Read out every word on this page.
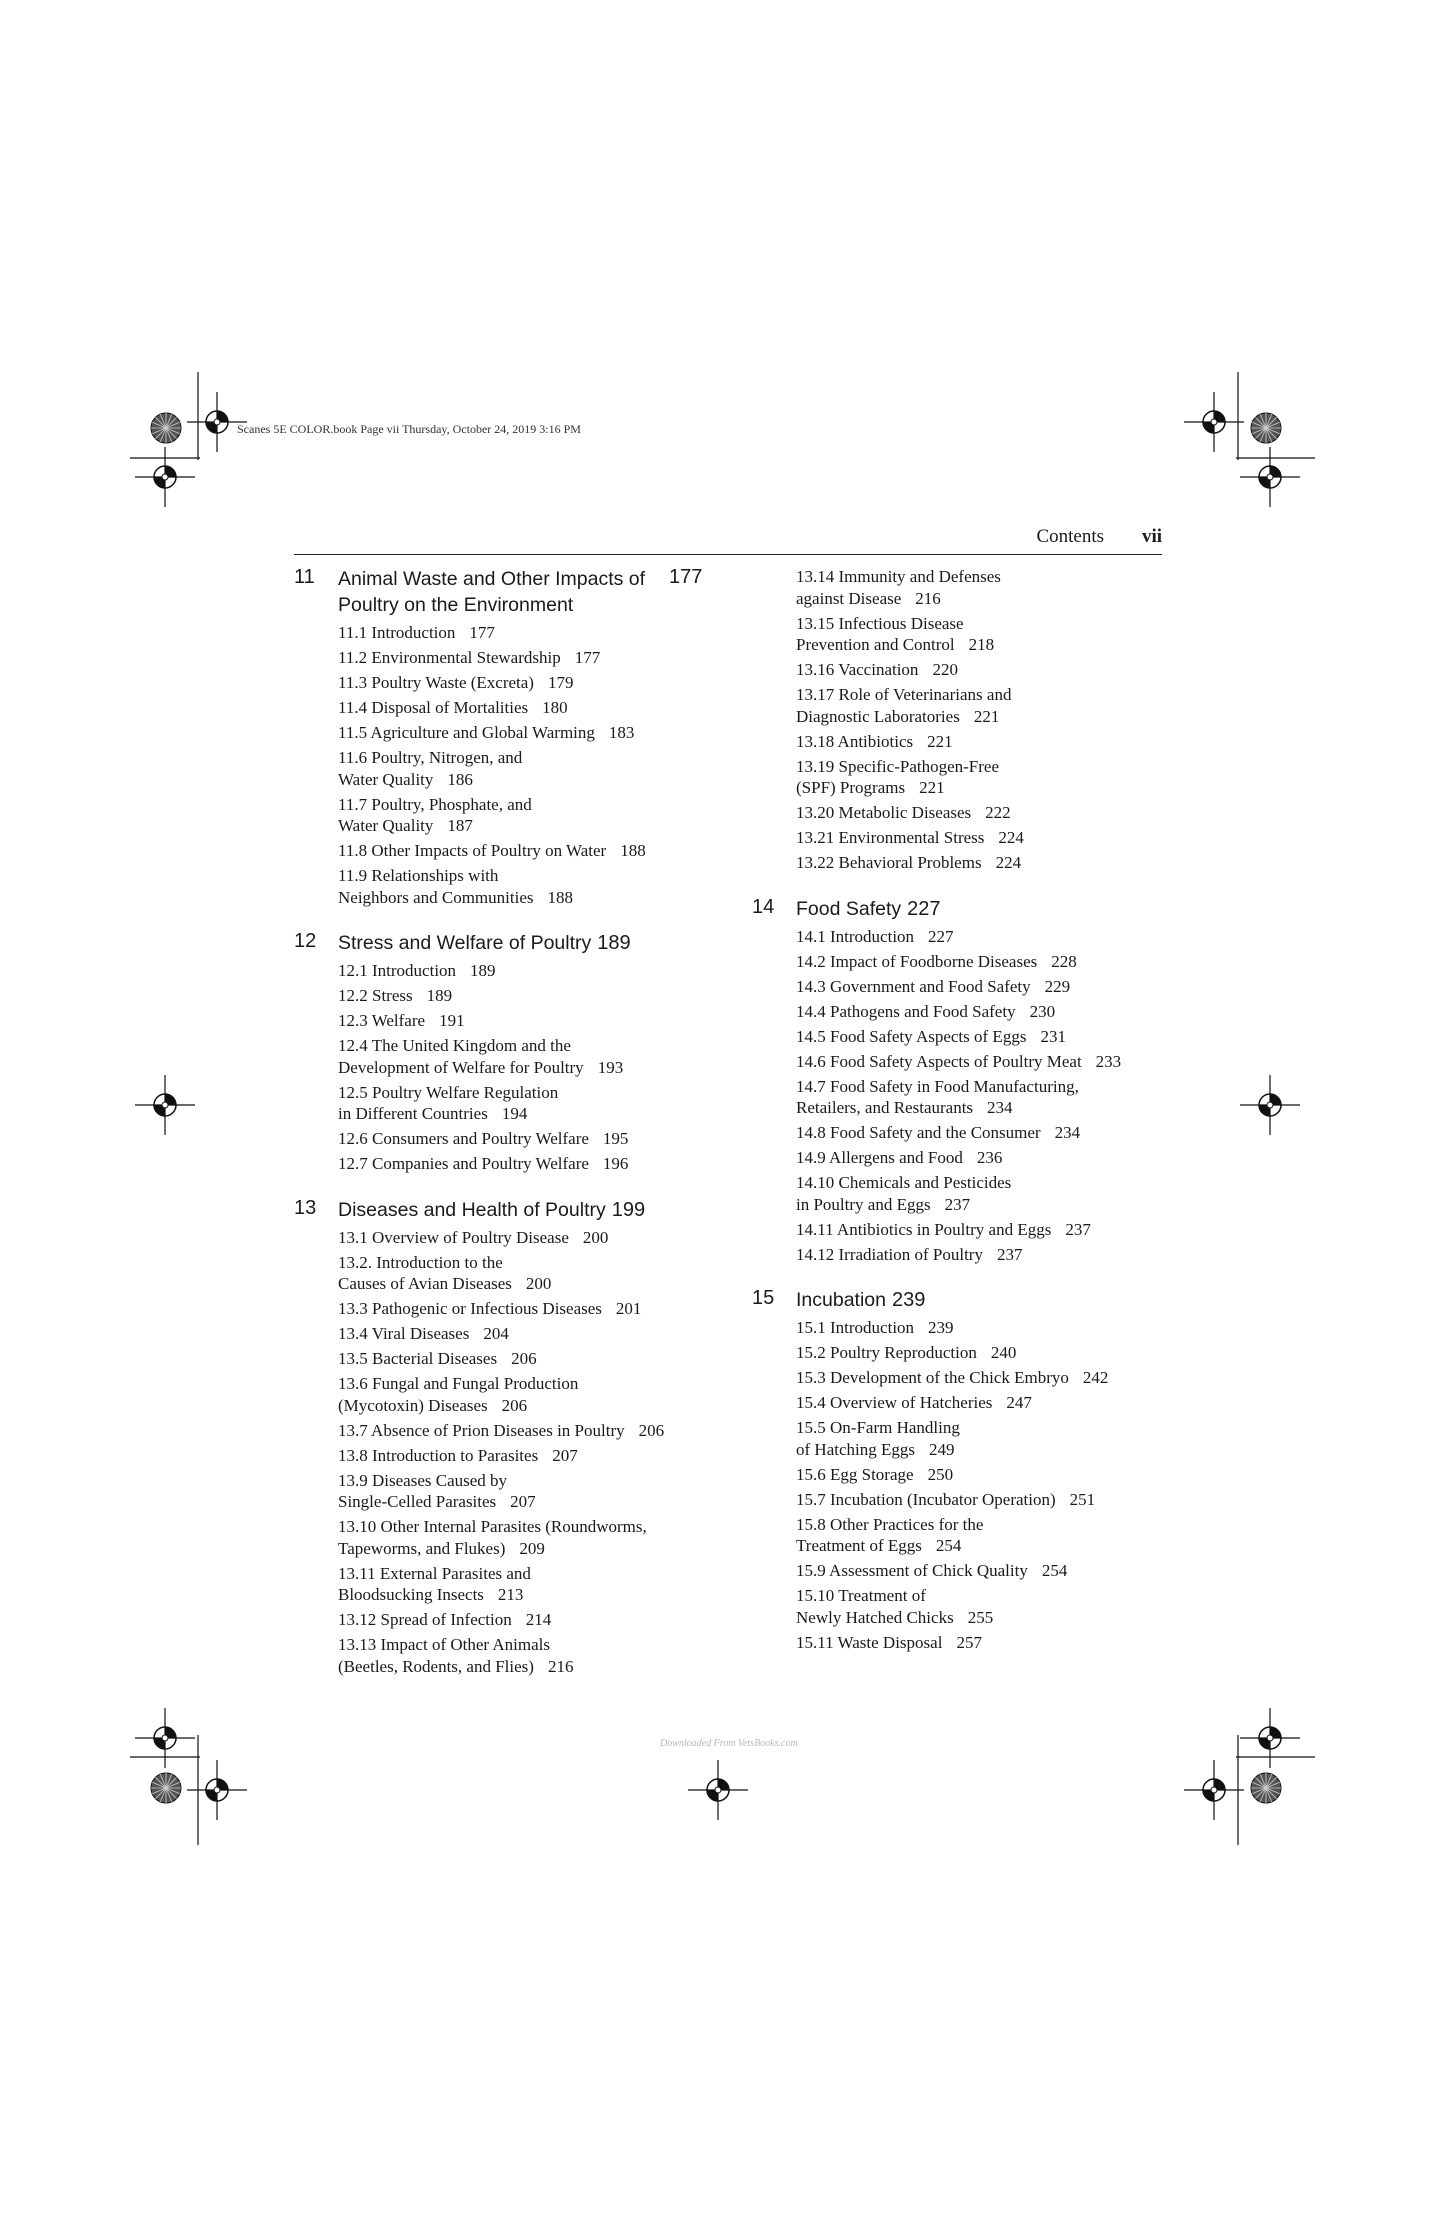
Scanes 5E COLOR.book Page vii Thursday, October 24, 2019 3:16 PM
Contents vii
11 Animal Waste and Other Impacts of Poultry on the Environment
177
11.1 Introduction 177
11.2 Environmental Stewardship 177
11.3 Poultry Waste (Excreta) 179
11.4 Disposal of Mortalities 180
11.5 Agriculture and Global Warming 183
11.6 Poultry, Nitrogen, and
Water Quality 186
11.7 Poultry, Phosphate, and
Water Quality 187
11.8 Other Impacts of Poultry on Water 188
11.9 Relationships with
Neighbors and Communities 188
12 Stress and Welfare of Poultry 189
12.1 Introduction 189
12.2 Stress 189
12.3 Welfare 191
12.4 The United Kingdom and the
Development of Welfare for Poultry 193
12.5 Poultry Welfare Regulation
in Different Countries 194
12.6 Consumers and Poultry Welfare 195
12.7 Companies and Poultry Welfare 196
13 Diseases and Health of Poultry 199
13.1 Overview of Poultry Disease 200
13.2. Introduction to the
Causes of Avian Diseases 200
13.3 Pathogenic or Infectious Diseases 201
13.4 Viral Diseases 204
13.5 Bacterial Diseases 206
13.6 Fungal and Fungal Production
(Mycotoxin) Diseases 206
13.7 Absence of Prion Diseases in Poultry 206
13.8 Introduction to Parasites 207
13.9 Diseases Caused by
Single-Celled Parasites 207
13.10 Other Internal Parasites (Roundworms,
Tapeworms, and Flukes) 209
13.11 External Parasites and
Bloodsucking Insects 213
13.12 Spread of Infection 214
13.13 Impact of Other Animals
(Beetles, Rodents, and Flies) 216
13.14 Immunity and Defenses
against Disease 216
13.15 Infectious Disease
Prevention and Control 218
13.16 Vaccination 220
13.17 Role of Veterinarians and
Diagnostic Laboratories 221
13.18 Antibiotics 221
13.19 Specific-Pathogen-Free
(SPF) Programs 221
13.20 Metabolic Diseases 222
13.21 Environmental Stress 224
13.22 Behavioral Problems 224
14 Food Safety 227
14.1 Introduction 227
14.2 Impact of Foodborne Diseases 228
14.3 Government and Food Safety 229
14.4 Pathogens and Food Safety 230
14.5 Food Safety Aspects of Eggs 231
14.6 Food Safety Aspects of Poultry Meat 233
14.7 Food Safety in Food Manufacturing,
Retailers, and Restaurants 234
14.8 Food Safety and the Consumer 234
14.9 Allergens and Food 236
14.10 Chemicals and Pesticides
in Poultry and Eggs 237
14.11 Antibiotics in Poultry and Eggs 237
14.12 Irradiation of Poultry 237
15 Incubation 239
15.1 Introduction 239
15.2 Poultry Reproduction 240
15.3 Development of the Chick Embryo 242
15.4 Overview of Hatcheries 247
15.5 On-Farm Handling
of Hatching Eggs 249
15.6 Egg Storage 250
15.7 Incubation (Incubator Operation) 251
15.8 Other Practices for the
Treatment of Eggs 254
15.9 Assessment of Chick Quality 254
15.10 Treatment of
Newly Hatched Chicks 255
15.11 Waste Disposal 257
Downloaded From VetsBooks.com
